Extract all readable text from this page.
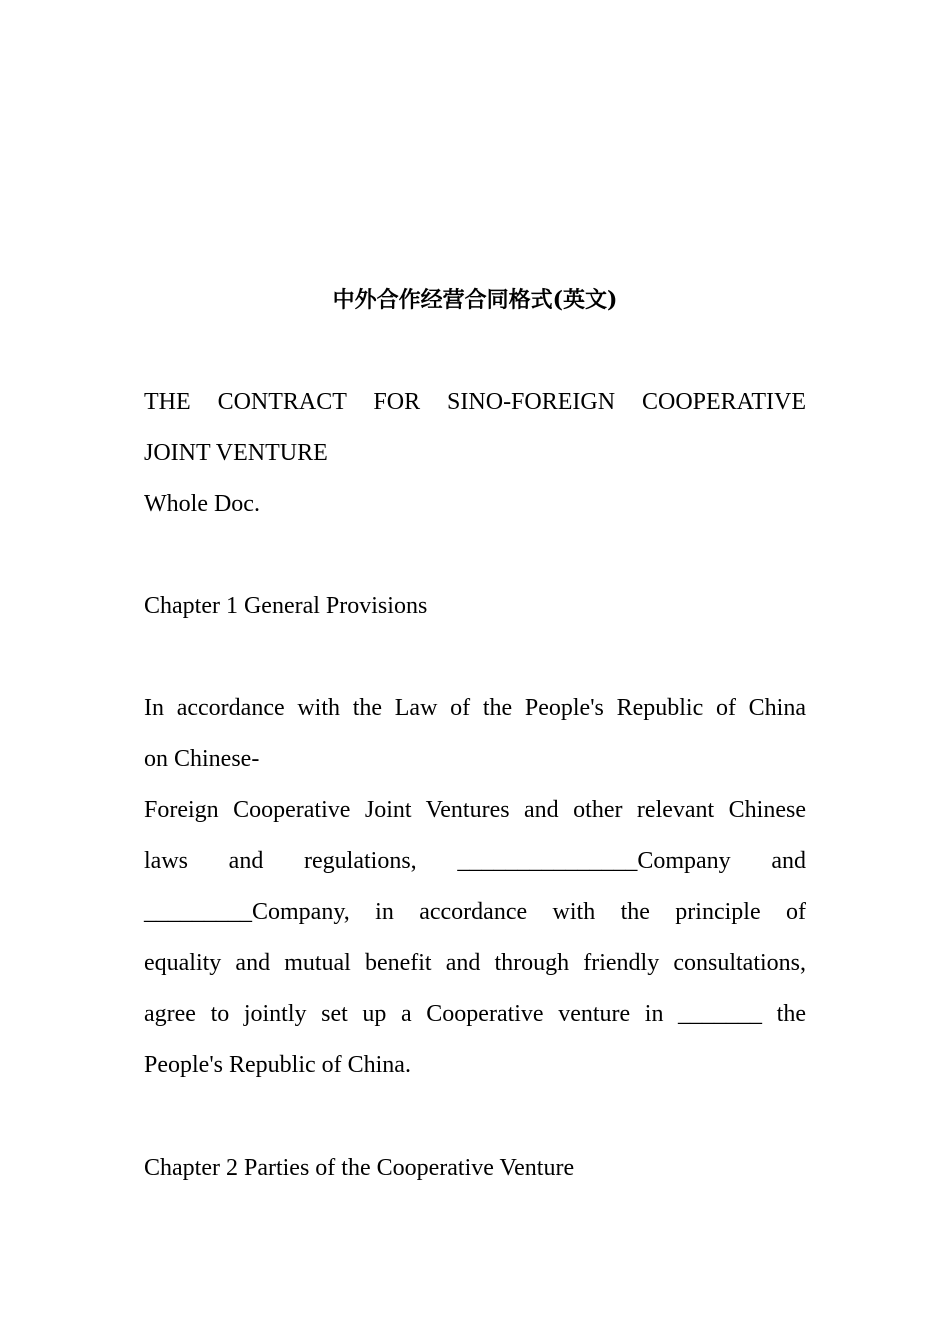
中外合作经营合同格式(英文)
THE CONTRACT FOR SINO-FOREIGN COOPERATIVE
JOINT VENTURE
Whole Doc.
Chapter 1 General Provisions
In accordance with the Law of the People's Republic of China
on Chinese-
Foreign Cooperative Joint Ventures and other relevant Chinese
laws and regulations, _______________Company and
_________Company, in accordance with the principle of
equality and mutual benefit and through friendly consultations,
agree to jointly set up a Cooperative venture in _______ the
People's Republic of China.
Chapter 2 Parties of the Cooperative Venture
